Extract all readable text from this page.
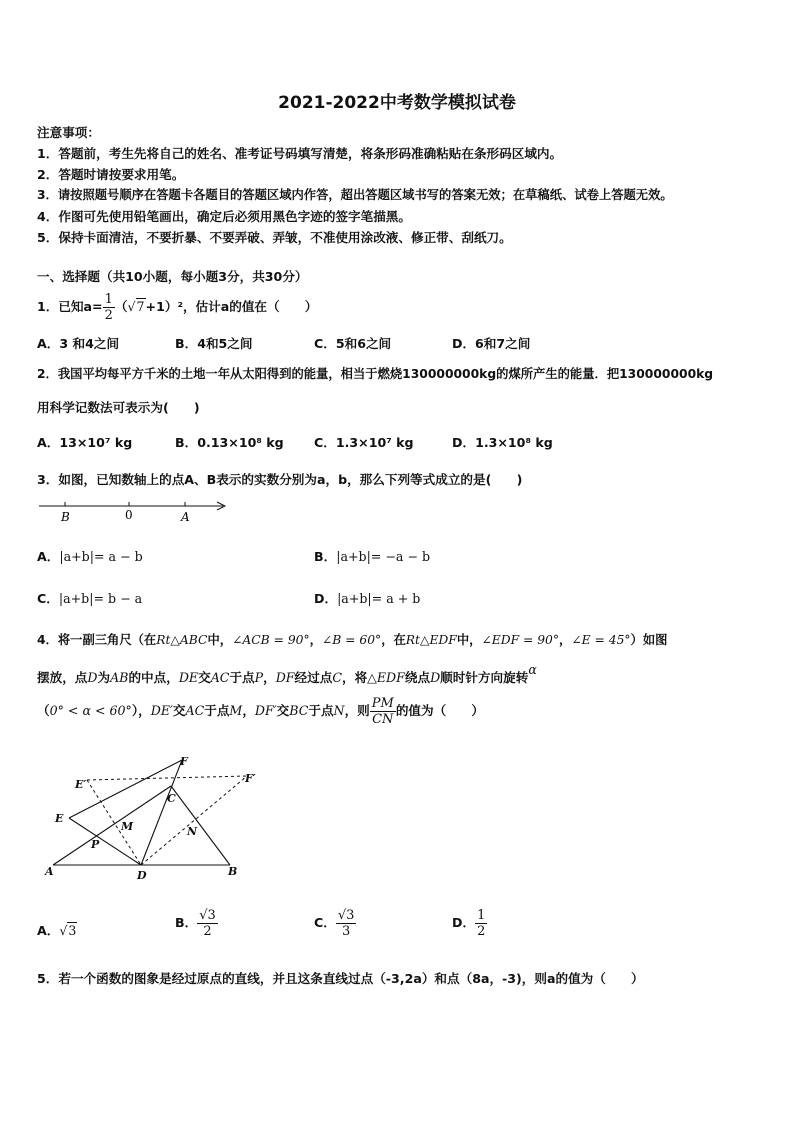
2021-2022中考数学模拟试卷
注意事项：
1．答题前，考生先将自己的姓名、准考证号码填写清楚，将条形码准确粘贴在条形码区域内。
2．答题时请按要求用笔。
3．请按照题号顺序在答题卡各题目的答题区域内作答，超出答题区域书写的答案无效；在草稿纸、试卷上答题无效。
4．作图可先使用铅笔画出，确定后必须用黑色字迹的签字笔描黑。
5．保持卡面清洁，不要折暴、不要弄破、弄皱，不准使用涂改液、修正带、刮纸刀。
一、选择题（共10小题，每小题3分，共30分）
1．已知$a= \frac{1}{2} (√7+1)^2$，估计a的值在（　　）
A．3 和4之间	B．4和5之间	C．5和6之间	D．6和7之间
2．我国平均每平方千米的土地一年从太阳得到的能量，相当于燃烧130000000kg的煤所产生的能量．把130000000kg
用科学记数法可表示为(　　)
A．13×10⁷ kg	B．0.13×10⁸ kg C．1.3×10⁷ kg	D．1.3×10⁸ kg
3．如图，已知数轴上的点A、B表示的实数分别为a，b，那么下列等式成立的是(　　)
B	0	A
A．|a+b|= a − b	B．|a+b|= −a − b
C．|a+b|= b − a	D．|a+b|= a + b
4．将一副三角尺（在Rt△ABC中，∠ACB = 90°，∠B = 60°，在Rt△EDF中，∠EDF = 90°，∠E = 45°）如图
摆放，点D为AB的中点，DE交AC于点P，DF经过点C，将△EDF绕点D顺时针方向旋转α
（0° < α < 60°），DE′交AC于点M，DF′交BC于点N，则 $\frac{PM}{CN}$ 的值为（　　）
E′
F
F′
C
E
M	N
P
A	D	B
A．√3
B． $\frac{√3}{2}$	C． $\frac{√3}{3}$	D． $\frac{1}{2}$
5．若一个函数的图象是经过原点的直线，并且这条直线过点（-3,2a）和点（8a，-3)，则a的值为（　　）
